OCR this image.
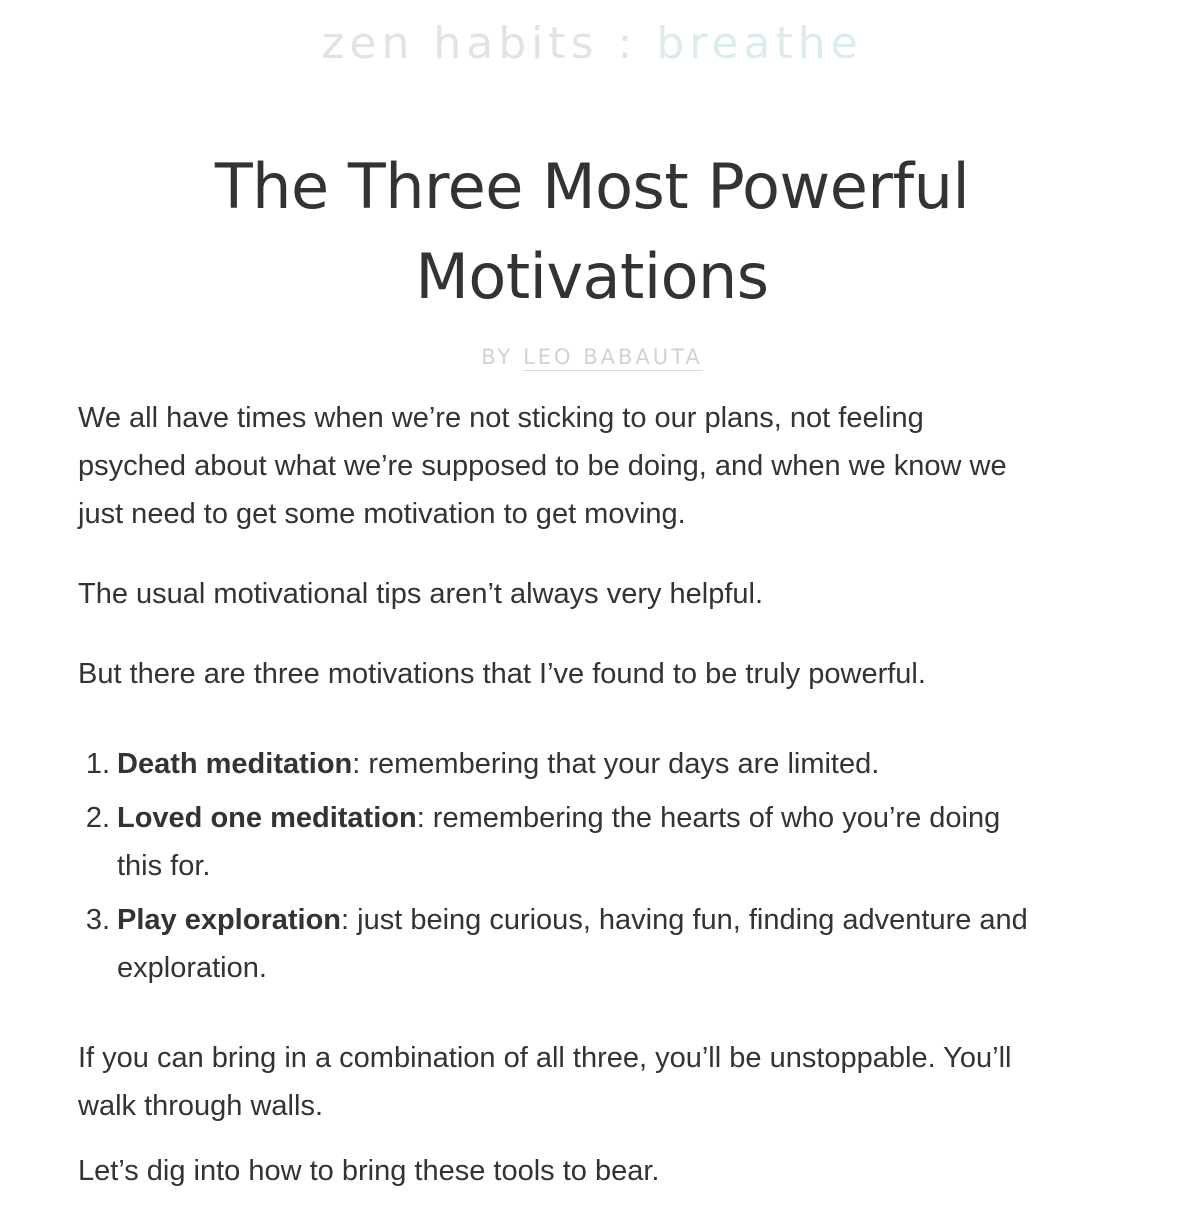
zen habits : breathe
The Three Most Powerful
Motivations
BY LEO BABAUTA

We all have times when we’re not sticking to our plans, not feeling
psyched about what we’re supposed to be doing, and when we know we
just need to get some motivation to get moving.

The usual motivational tips aren’t always very helpful.

But there are three motivations that I’ve found to be truly powerful.

1. Death meditation: remembering that your days are limited.
2. Loved one meditation: remembering the hearts of who you’re doing
this for.
3. Play exploration: just being curious, having fun, finding adventure and
exploration.

If you can bring in a combination of all three, you’ll be unstoppable. You’ll
walk through walls.

Let’s dig into how to bring these tools to bear.
